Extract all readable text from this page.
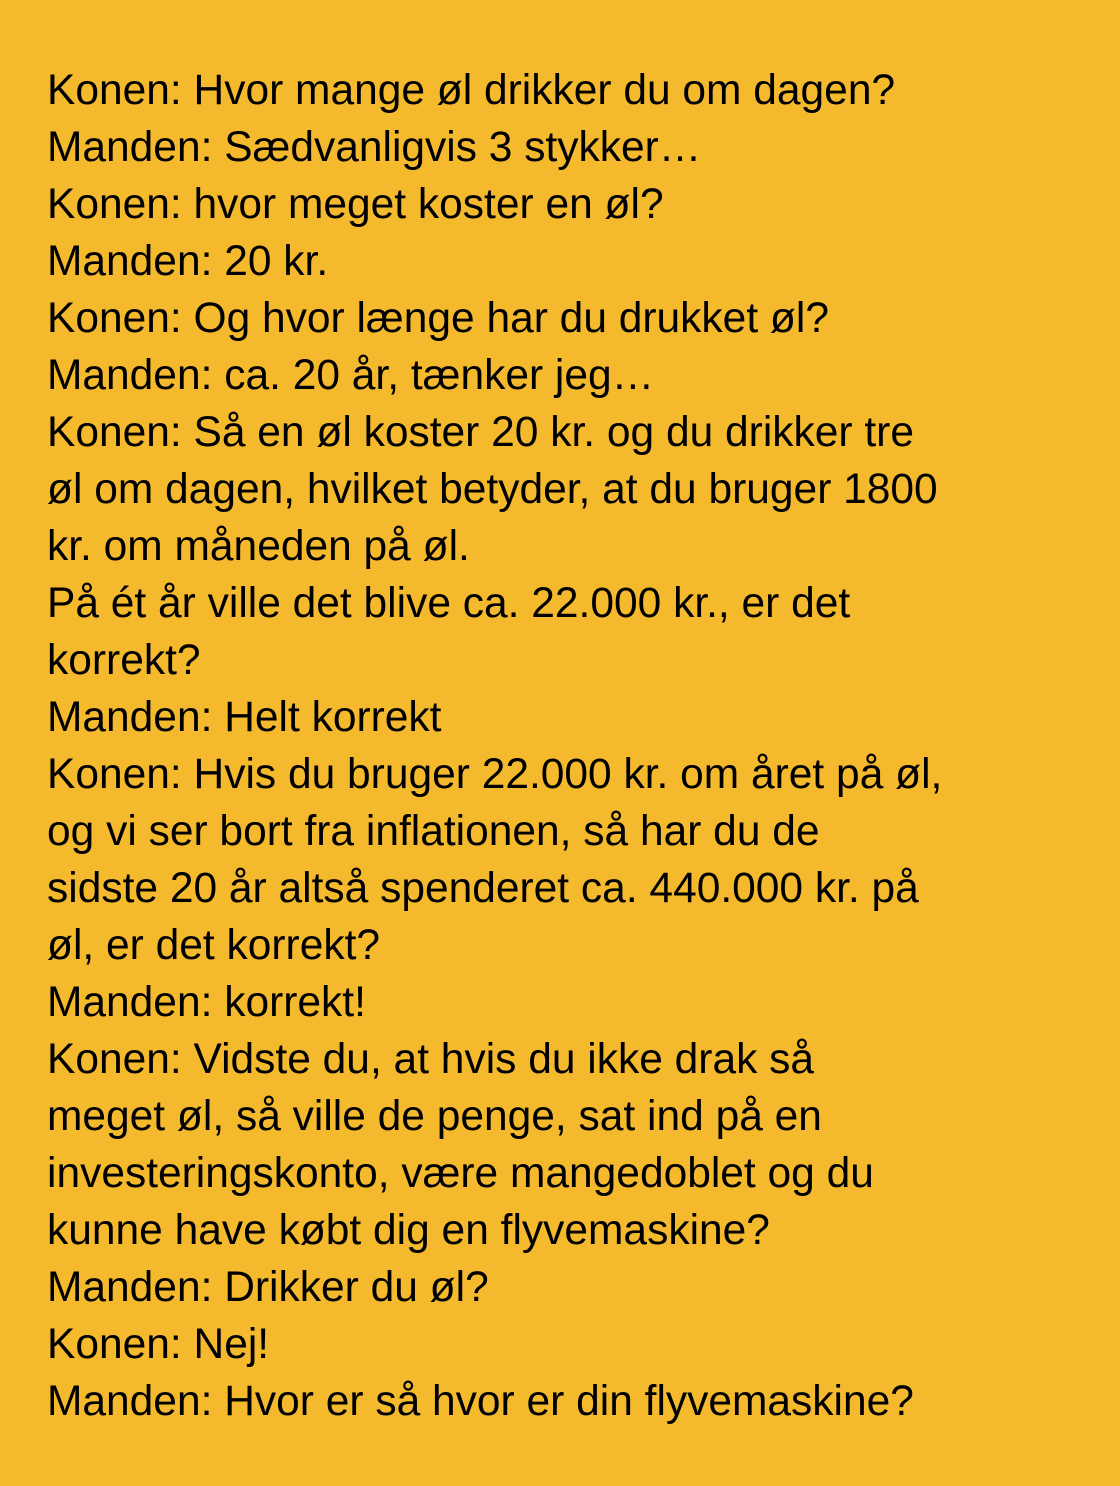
Konen: Hvor mange øl drikker du om dagen?
Manden: Sædvanligvis 3 stykker…
Konen: hvor meget koster en øl?
Manden: 20 kr.
Konen: Og hvor længe har du drukket øl?
Manden: ca. 20 år, tænker jeg…
Konen: Så en øl koster 20 kr. og du drikker tre
øl om dagen, hvilket betyder, at du bruger 1800
kr. om måneden på øl.
På ét år ville det blive ca. 22.000 kr., er det
korrekt?
Manden: Helt korrekt
Konen: Hvis du bruger 22.000 kr. om året på øl,
og vi ser bort fra inflationen, så har du de
sidste 20 år altså spenderet ca. 440.000 kr. på
øl, er det korrekt?
Manden: korrekt!
Konen: Vidste du, at hvis du ikke drak så
meget øl, så ville de penge, sat ind på en
investeringskonto, være mangedoblet og du
kunne have købt dig en flyvemaskine?
Manden: Drikker du øl?
Konen: Nej!
Manden: Hvor er så hvor er din flyvemaskine?
